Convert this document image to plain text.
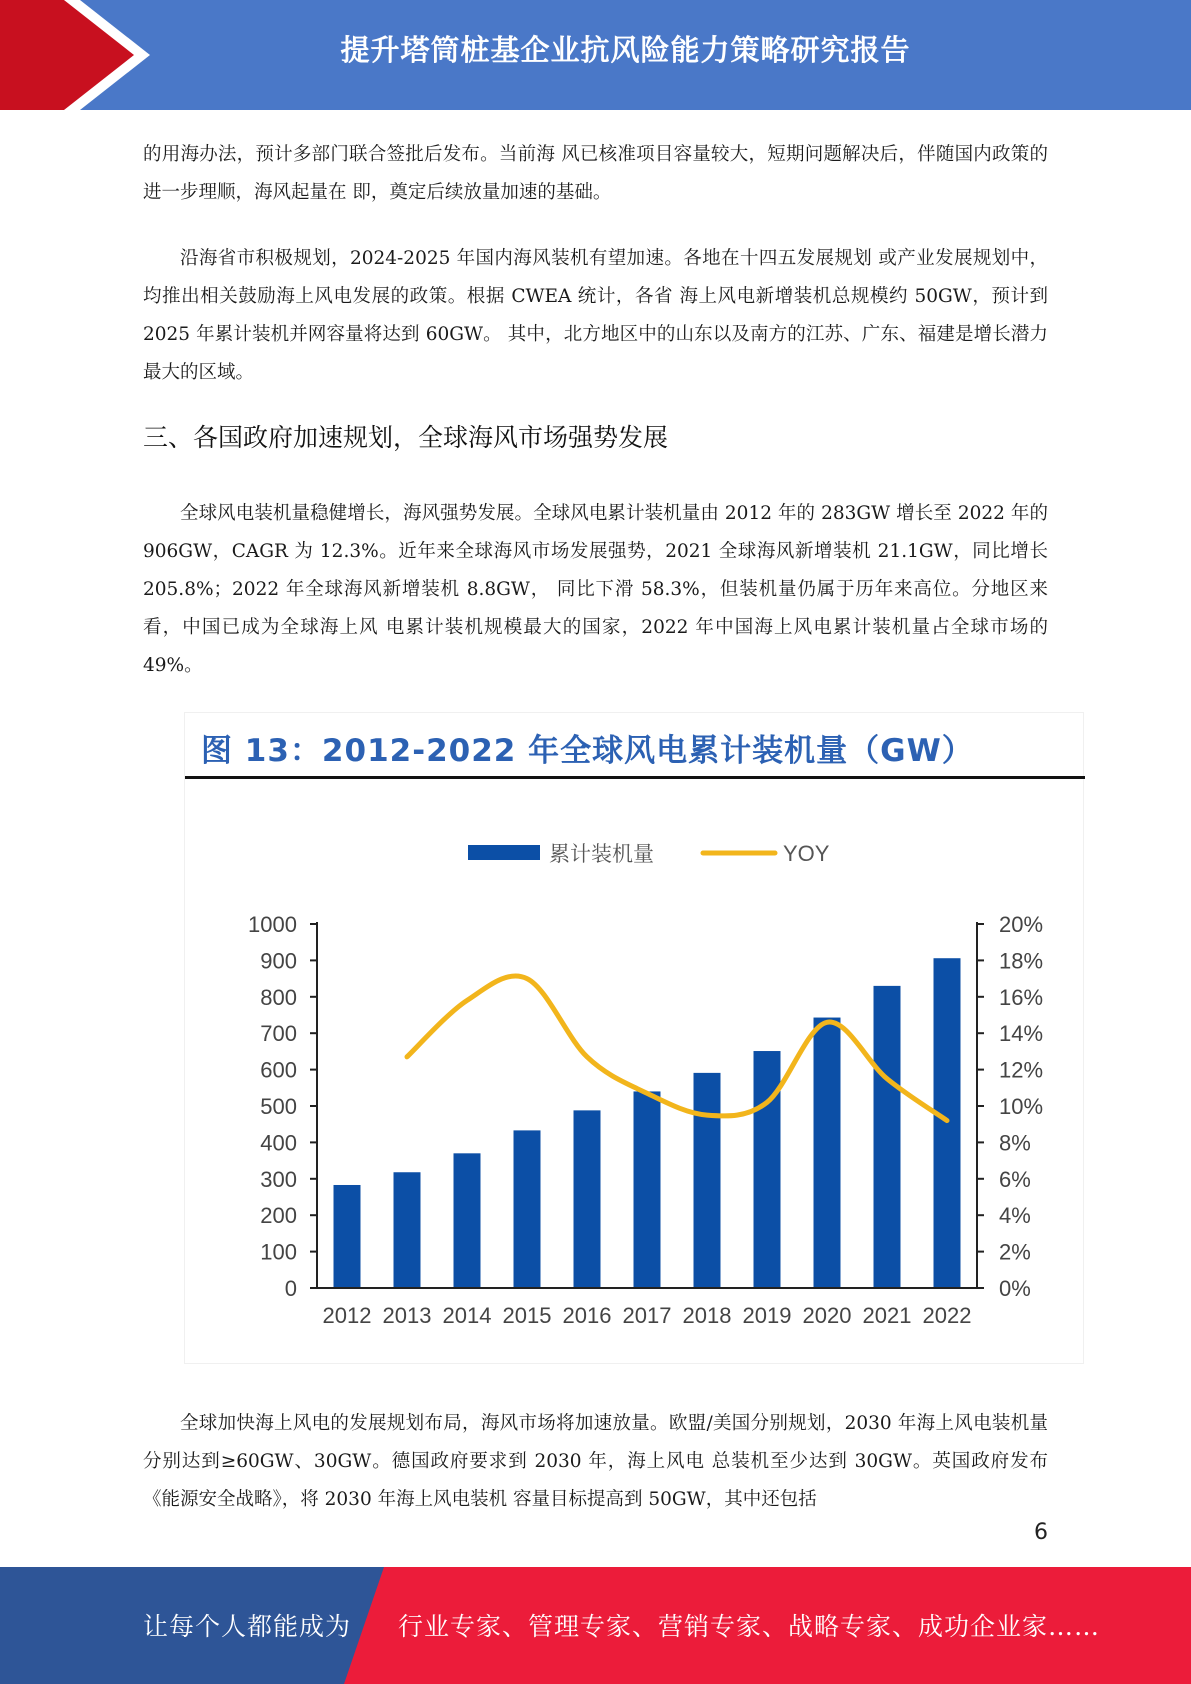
提升塔筒桩基企业抗风险能力策略研究报告

的用海办法，预计多部门联合签批后发布。当前海 风已核准项目容量较大，短期问题解决后，伴随国内政策的进一步理顺，海风起量在 即，奠定后续放量加速的基础。

沿海省市积极规划，2024-2025 年国内海风装机有望加速。各地在十四五发展规划 或产业发展规划中，均推出相关鼓励海上风电发展的政策。根据 CWEA 统计，各省 海上风电新增装机总规模约 50GW，预计到 2025 年累计装机并网容量将达到 60GW。 其中，北方地区中的山东以及南方的江苏、广东、福建是增长潜力最大的区域。

三、各国政府加速规划，全球海风市场强势发展

全球风电装机量稳健增长，海风强势发展。全球风电累计装机量由 2012 年的 283GW 增长至 2022 年的 906GW，CAGR 为 12.3%。近年来全球海风市场发展强势，2021 全球海风新增装机 21.1GW，同比增长 205.8%；2022 年全球海风新增装机 8.8GW， 同比下滑 58.3%，但装机量仍属于历年来高位。分地区来看，中国已成为全球海上风 电累计装机规模最大的国家，2022 年中国海上风电累计装机量占全球市场的 49%。

图 13：2012-2022 年全球风电累计装机量（GW）
累计装机量	YOY
0
100
200
300
400
500
600
700
800
900
1000
0%
2%
4%
6%
8%
10%
12%
14%
16%
18%
20%
2012 2013 2014 2015 2016 2017 2018 2019 2020 2021 2022

全球加快海上风电的发展规划布局，海风市场将加速放量。欧盟/美国分别规划，2030 年海上风电装机量分别达到≥60GW、30GW。德国政府要求到 2030 年，海上风电 总装机至少达到 30GW。英国政府发布《能源安全战略》，将 2030 年海上风电装机 容量目标提高到 50GW，其中还包括

6
让每个人都能成为 行业专家、管理专家、营销专家、战略专家、成功企业家……
